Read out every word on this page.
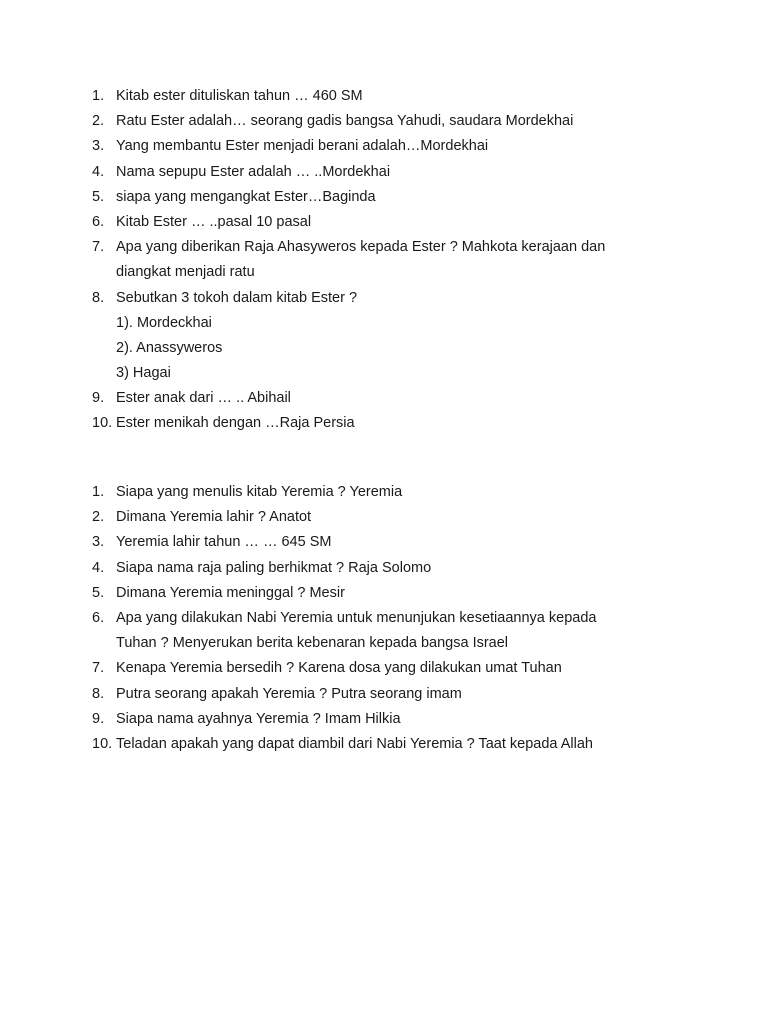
1. Kitab ester dituliskan tahun … 460 SM
2. Ratu Ester adalah… seorang gadis bangsa Yahudi, saudara Mordekhai
3. Yang membantu Ester menjadi berani adalah…Mordekhai
4. Nama sepupu Ester adalah … ..Mordekhai
5. siapa yang mengangkat Ester…Baginda
6. Kitab Ester … ..pasal 10 pasal
7. Apa yang diberikan Raja Ahasyweros kepada Ester ? Mahkota kerajaan dan
diangkat menjadi ratu
8. Sebutkan 3 tokoh dalam kitab Ester ?
1). Mordeckhai
2). Anassyweros
3) Hagai
9. Ester anak dari … .. Abihail
10. Ester menikah dengan …Raja Persia
1. Siapa yang menulis kitab Yeremia ? Yeremia
2. Dimana Yeremia lahir ? Anatot
3. Yeremia lahir tahun … … 645 SM
4. Siapa nama raja paling berhikmat ? Raja Solomo
5. Dimana Yeremia meninggal ? Mesir
6. Apa yang dilakukan Nabi Yeremia untuk menunjukan kesetiaannya kepada
Tuhan ? Menyerukan berita kebenaran kepada bangsa Israel
7. Kenapa Yeremia bersedih ? Karena dosa yang dilakukan umat Tuhan
8. Putra seorang apakah Yeremia ? Putra seorang imam
9. Siapa nama ayahnya Yeremia ? Imam Hilkia
10. Teladan apakah yang dapat diambil dari Nabi Yeremia ? Taat kepada Allah
